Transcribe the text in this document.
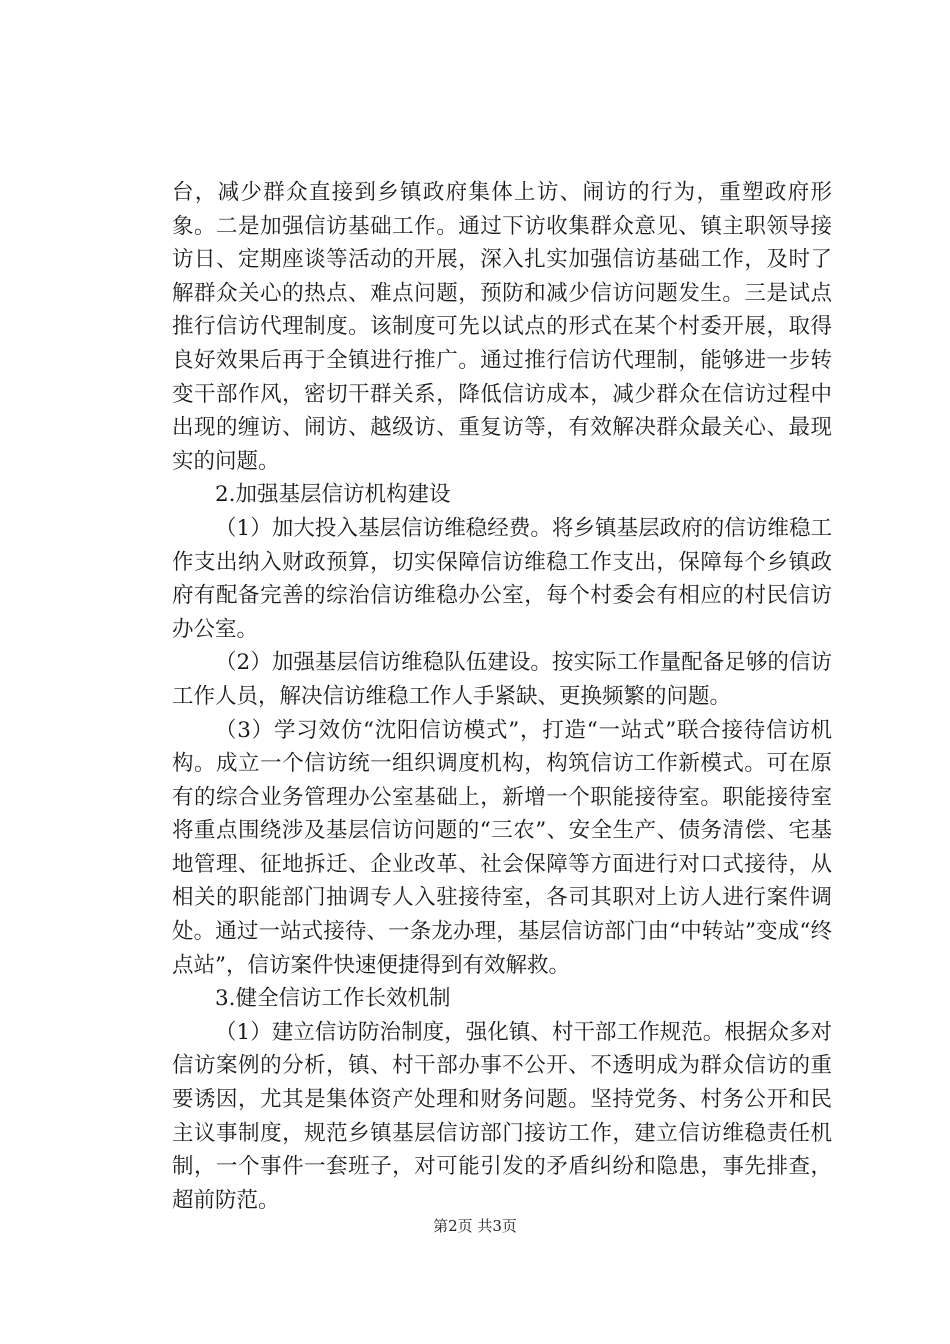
台，减少群众直接到乡镇政府集体上访、闹访的行为，重塑政府形象。二是加强信访基础工作。通过下访收集群众意见、镇主职领导接访日、定期座谈等活动的开展，深入扎实加强信访基础工作，及时了解群众关心的热点、难点问题，预防和减少信访问题发生。三是试点推行信访代理制度。该制度可先以试点的形式在某个村委开展，取得良好效果后再于全镇进行推广。通过推行信访代理制，能够进一步转变干部作风，密切干群关系，降低信访成本，减少群众在信访过程中出现的缠访、闹访、越级访、重复访等，有效解决群众最关心、最现实的问题。

2.加强基层信访机构建设

（1）加大投入基层信访维稳经费。将乡镇基层政府的信访维稳工作支出纳入财政预算，切实保障信访维稳工作支出，保障每个乡镇政府有配备完善的综治信访维稳办公室，每个村委会有相应的村民信访办公室。

（2）加强基层信访维稳队伍建设。按实际工作量配备足够的信访工作人员，解决信访维稳工作人手紧缺、更换频繁的问题。

（3）学习效仿“沈阳信访模式”，打造“一站式”联合接待信访机构。成立一个信访统一组织调度机构，构筑信访工作新模式。可在原有的综合业务管理办公室基础上，新增一个职能接待室。职能接待室将重点围绕涉及基层信访问题的“三农”、安全生产、债务清偿、宅基地管理、征地拆迁、企业改革、社会保障等方面进行对口式接待，从相关的职能部门抽调专人入驻接待室，各司其职对上访人进行案件调处。通过一站式接待、一条龙办理，基层信访部门由“中转站”变成“终点站”，信访案件快速便捷得到有效解救。

3.健全信访工作长效机制

（1）建立信访防治制度，强化镇、村干部工作规范。根据众多对信访案例的分析，镇、村干部办事不公开、不透明成为群众信访的重要诱因，尤其是集体资产处理和财务问题。坚持党务、村务公开和民主议事制度，规范乡镇基层信访部门接访工作，建立信访维稳责任机制，一个事件一套班子，对可能引发的矛盾纠纷和隐患，事先排查，超前防范。

第2页 共3页
